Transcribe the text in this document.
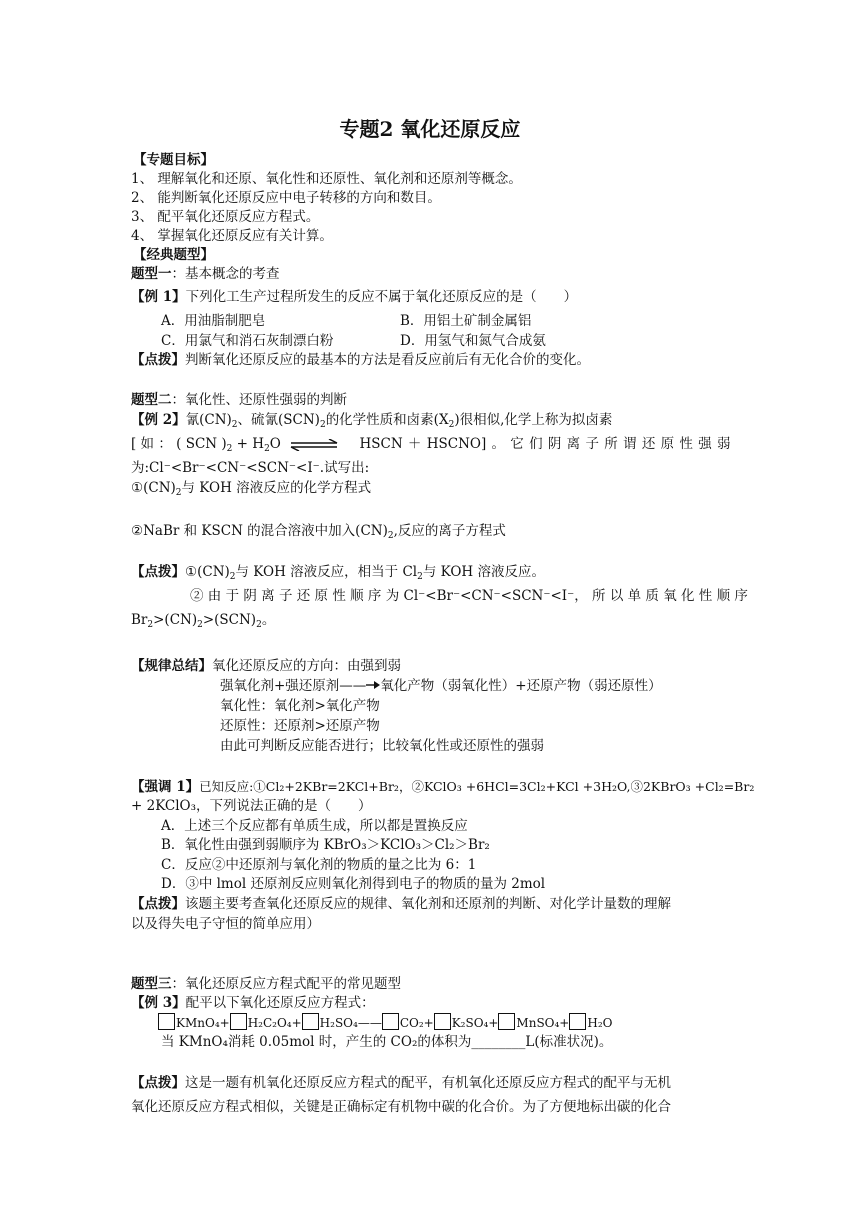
专题2 氧化还原反应
【专题目标】
1、 理解氧化和还原、氧化性和还原性、氧化剂和还原剂等概念。
2、 能判断氧化还原反应中电子转移的方向和数目。
3、 配平氧化还原反应方程式。
4、 掌握氧化还原反应有关计算。
【经典题型】
题型一：基本概念的考查
【例 1】下列化工生产过程所发生的反应不属于氧化还原反应的是（　　）
A．用油脂制肥皂	B．用铝土矿制金属铝
C．用氯气和消石灰制漂白粉	D．用氢气和氮气合成氨
【点拨】判断氧化还原反应的最基本的方法是看反应前后有无化合价的变化。
题型二：氧化性、还原性强弱的判断
【例 2】氰$(CN)_2$、硫氰$(SCN)_2$的化学性质和卤素$(X_2)$很相似,化学上称为拟卤素
[ 如 ： ( SCN )$_2 + H_2O$	HSCN ＋ HSCNO] 。 它 们 阴 离 子 所 谓 还 原 性 强 弱
为:Cl⁻<Br⁻<CN⁻<SCN⁻<I⁻.试写出:
$①(CN)_2$与 KOH 溶液反应的化学方程式
②NaBr 和 KSCN 的混合溶液中加入$(CN)_2$,反应的离子方程式
【点拨】$①(CN)_2$与 KOH 溶液反应，相当于 $Cl_2$与 KOH 溶液反应。
② 由 于 阴 离 子 还 原 性 顺 序 为 Cl⁻<Br⁻<CN⁻<SCN⁻<I⁻， 所 以 单 质 氧 化 性 顺 序
$Br_2>(CN)_2>(SCN)_2$。
【规律总结】氧化还原反应的方向：由强到弱
强氧化剂+强还原剂—— 氧化产物（弱氧化性）+还原产物（弱还原性）
氧化性：氧化剂>氧化产物
还原性：还原剂>还原产物
由此可判断反应能否进行；比较氧化性或还原性的强弱
【强调 1】已知反应:①Cl₂+2KBr=2KCl+Br₂，②KClO₃ +6HCl=3Cl₂+KCl +3H₂O,③2KBrO₃ +Cl₂=Br₂
+ 2KClO₃，下列说法正确的是（　　）
A．上述三个反应都有单质生成，所以都是置换反应
B．氧化性由强到弱顺序为 KBrO₃＞KClO₃＞Cl₂＞Br₂
C．反应②中还原剂与氧化剂的物质的量之比为 6：1
D．③中 lmol 还原剂反应则氧化剂得到电子的物质的量为 2mol
【点拨】该题主要考查氧化还原反应的规律、氧化剂和还原剂的判断、对化学计量数的理解
以及得失电子守恒的简单应用）
题型三：氧化还原反应方程式配平的常见题型
【例 3】配平以下氧化还原反应方程式：
KMnO₄+ H₂C₂O₄+ H₂SO₄—— CO₂+ K₂SO₄+ MnSO₄+ H₂O
当 KMnO₄消耗 0.05mol 时，产生的 CO₂的体积为________L(标准状况)。
【点拨】这是一题有机氧化还原反应方程式的配平，有机氧化还原反应方程式的配平与无机
氧化还原反应方程式相似，关键是正确标定有机物中碳的化合价。为了方便地标出碳的化合
